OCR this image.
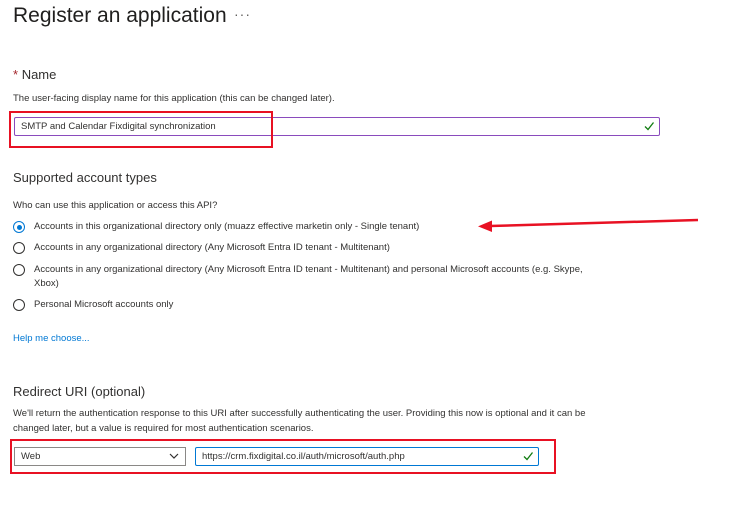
Register an application ···
* Name
The user-facing display name for this application (this can be changed later).
SMTP and Calendar Fixdigital synchronization
Supported account types
Who can use this application or access this API?
Accounts in this organizational directory only (muazz effective marketin only - Single tenant)
Accounts in any organizational directory (Any Microsoft Entra ID tenant - Multitenant)
Accounts in any organizational directory (Any Microsoft Entra ID tenant - Multitenant) and personal Microsoft accounts (e.g. Skype,
Xbox)
Personal Microsoft accounts only
Help me choose...
Redirect URI (optional)
We'll return the authentication response to this URI after successfully authenticating the user. Providing this now is optional and it can be
changed later, but a value is required for most authentication scenarios.
Web	https://crm.fixdigital.co.il/auth/microsoft/auth.php
